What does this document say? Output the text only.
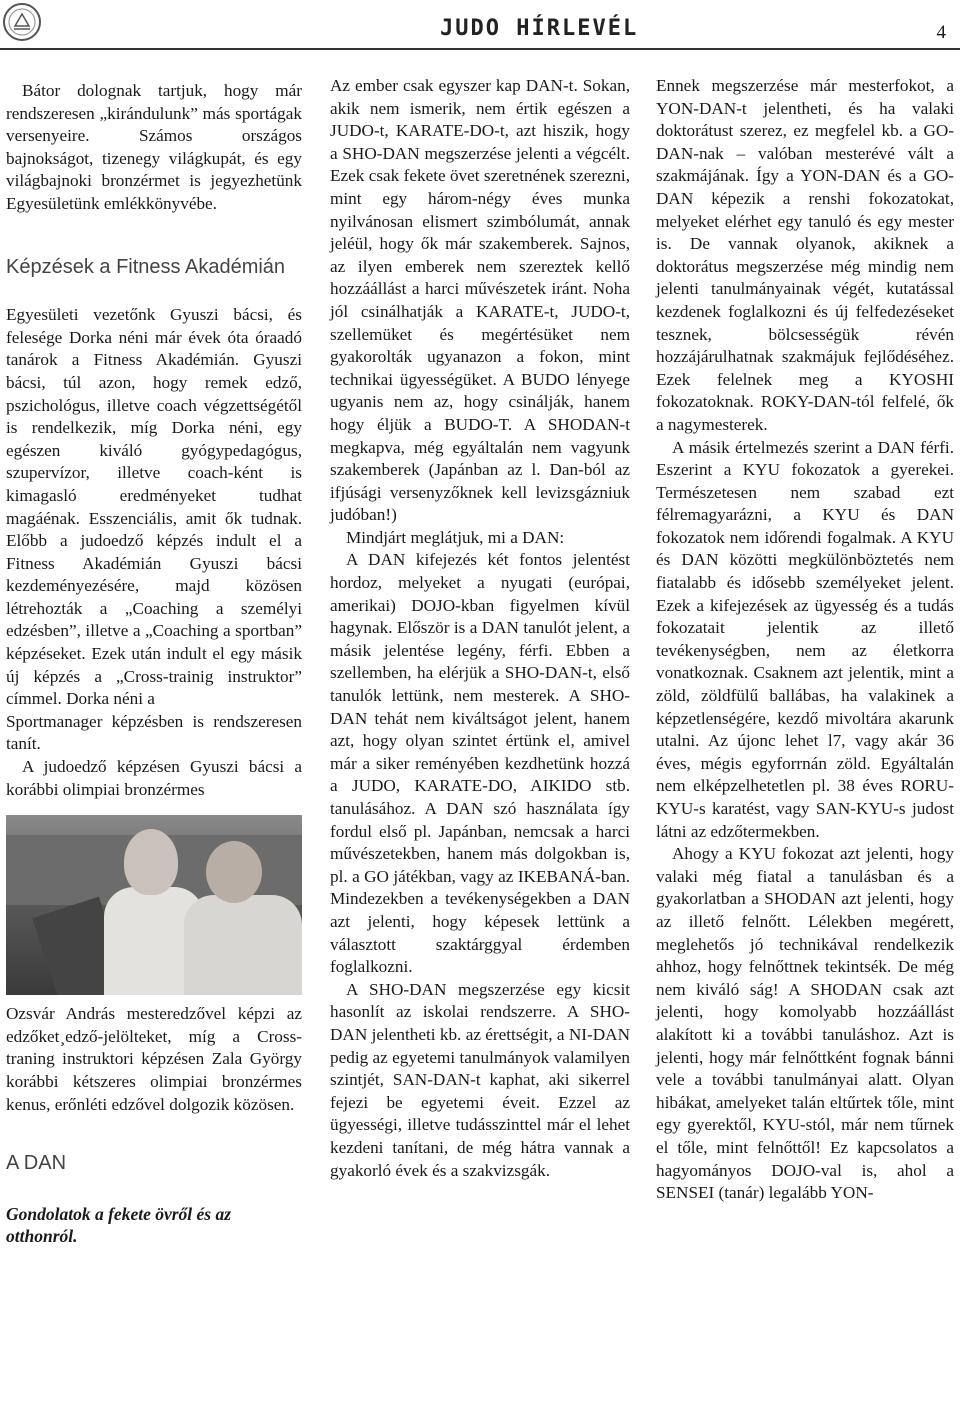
JUDO HÍRLEVÉL	4

Bátor dolognak tartjuk, hogy már rendszeresen „kirándulunk” más sportágak versenyeire. Számos országos bajnokságot, tizenegy világkupát, és egy világbajnoki bronzérmet is jegyezhetünk Egyesületünk emlékkönyvébe.

Képzések a Fitness Akadémián

Egyesületi vezetőnk Gyuszi bácsi, és felesége Dorka néni már évek óta óraadó tanárok a Fitness Akadémián. Gyuszi bácsi, túl azon, hogy remek edző, pszichológus, illetve coach végzettségétől is rendelkezik, míg Dorka néni, egy egészen kiváló gyógypedagógus, szupervízor, illetve coach-ként is kimagasló eredményeket tudhat magáénak. Esszenciális, amit ők tudnak. Előbb a judoedző képzés indult el a Fitness Akadémián Gyuszi bácsi kezdeményezésére, majd közösen létrehozták a „Coaching a személyi edzésben”, illetve a „Coaching a sportban” képzéseket. Ezek után indult el egy másik új képzés a „Cross-trainig instruktor” címmel. Dorka néni a

Sportmanager képzésben is rendszeresen tanít.

A judoedző képzésen Gyuszi bácsi a korábbi olimpiai bronzérmes

Ozsvár András mesteredzővel képzi az edzőket¸edző-jelölteket, míg a Cross-traning instruktori képzésen Zala György korábbi kétszeres olimpiai bronzérmes kenus, erőnléti edzővel dolgozik közösen.

A DAN

Gondolatok a fekete övről és az otthonról.

Az ember csak egyszer kap DAN-t. Sokan, akik nem ismerik, nem értik egészen a JUDO-t, KARATE-DO-t, azt hiszik, hogy a SHO-DAN megszerzése jelenti a végcélt. Ezek csak fekete övet szeretnének szerezni, mint egy három-négy éves munka nyilvánosan elismert szimbólumát, annak jeléül, hogy ők már szakemberek. Sajnos, az ilyen emberek nem szereztek kellő hozzáállást a harci művészetek iránt. Noha jól csinálhatják a KARATE-t, JUDO-t, szellemüket és megértésüket nem gyakorolták ugyanazon a fokon, mint technikai ügyességüket. A BUDO lényege ugyanis nem az, hogy csinálják, hanem hogy éljük a BUDO-T. A SHODAN-t megkapva, még egyáltalán nem vagyunk szakemberek (Japánban az l. Dan-ból az ifjúsági versenyzőknek kell levizsgázniuk judóban!)

Mindjárt meglátjuk, mi a DAN:

A DAN kifejezés két fontos jelentést hordoz, melyeket a nyugati (európai, amerikai) DOJO-kban figyelmen kívül hagynak. Először is a DAN tanulót jelent, a másik jelentése legény, férfi. Ebben a szellemben, ha elérjük a SHO-DAN-t, első tanulók lettünk, nem mesterek. A SHO-DAN tehát nem kiváltságot jelent, hanem azt, hogy olyan szintet értünk el, amivel már a siker reményében kezdhetünk hozzá a JUDO, KARATE-DO, AIKIDO stb. tanulásához. A DAN szó használata így fordul első pl. Japánban, nemcsak a harci művészetekben, hanem más dolgokban is, pl. a GO játékban, vagy az IKEBANÁ-ban. Mindezekben a tevékenységekben a DAN azt jelenti, hogy képesek lettünk a választott szaktárggyal érdemben foglalkozni.

A SHO-DAN megszerzése egy kicsit hasonlít az iskolai rendszerre. A SHO-DAN jelentheti kb. az érettségit, a NI-DAN pedig az egyetemi tanulmányok valamilyen szintjét, SAN-DAN-t kaphat, aki sikerrel fejezi be egyetemi éveit. Ezzel az ügyességi, illetve tudásszinttel már el lehet kezdeni tanítani, de még hátra vannak a gyakorló évek és a szakvizsgák.

Ennek megszerzése már mesterfokot, a YON-DAN-t jelentheti, és ha valaki doktorátust szerez, ez megfelel kb. a GO-DAN-nak – valóban mesterévé vált a szakmájának. Így a YON-DAN és a GO-DAN képezik a renshi fokozatokat, melyeket elérhet egy tanuló és egy mester is. De vannak olyanok, akiknek a doktorátus megszerzése még mindig nem jelenti tanulmányainak végét, kutatással kezdenek foglalkozni és új felfedezéseket tesznek, bölcsességük révén hozzájárulhatnak szakmájuk fejlődéséhez. Ezek felelnek meg a KYOSHI fokozatoknak. ROKY-DAN-tól felfelé, ők a nagymesterek.

A másik értelmezés szerint a DAN férfi. Eszerint a KYU fokozatok a gyerekei. Természetesen nem szabad ezt félremagyarázni, a KYU és DAN fokozatok nem időrendi fogalmak. A KYU és DAN közötti megkülönböztetés nem fiatalabb és idősebb személyeket jelent. Ezek a kifejezések az ügyesség és a tudás fokozatait jelentik az illető tevékenységben, nem az életkorra vonatkoznak. Csaknem azt jelentik, mint a zöld, zöldfülű ballábas, ha valakinek a képzetlenségére, kezdő mivoltára akarunk utalni. Az újonc lehet l7, vagy akár 36 éves, mégis egyforrnán zöld. Egyáltalán nem elképzelhetetlen pl. 38 éves RORU-KYU-s karatést, vagy SAN-KYU-s judost látni az edzőtermekben.

Ahogy a KYU fokozat azt jelenti, hogy valaki még fiatal a tanulásban és a gyakorlatban a SHODAN azt jelenti, hogy az illető felnőtt. Lélekben megérett, meglehetős jó technikával rendelkezik ahhoz, hogy felnőttnek tekintsék. De még nem kiváló ság! A SHODAN csak azt jelenti, hogy komolyabb hozzáállást alakított ki a további tanuláshoz. Azt is jelenti, hogy már felnőttként fognak bánni vele a további tanulmányai alatt. Olyan hibákat, amelyeket talán eltűrtek tőle, mint egy gyerektől, KYU-stól, már nem tűrnek el tőle, mint felnőttől! Ez kapcsolatos a hagyományos DOJO-val is, ahol a SENSEI (tanár) legalább YON-
